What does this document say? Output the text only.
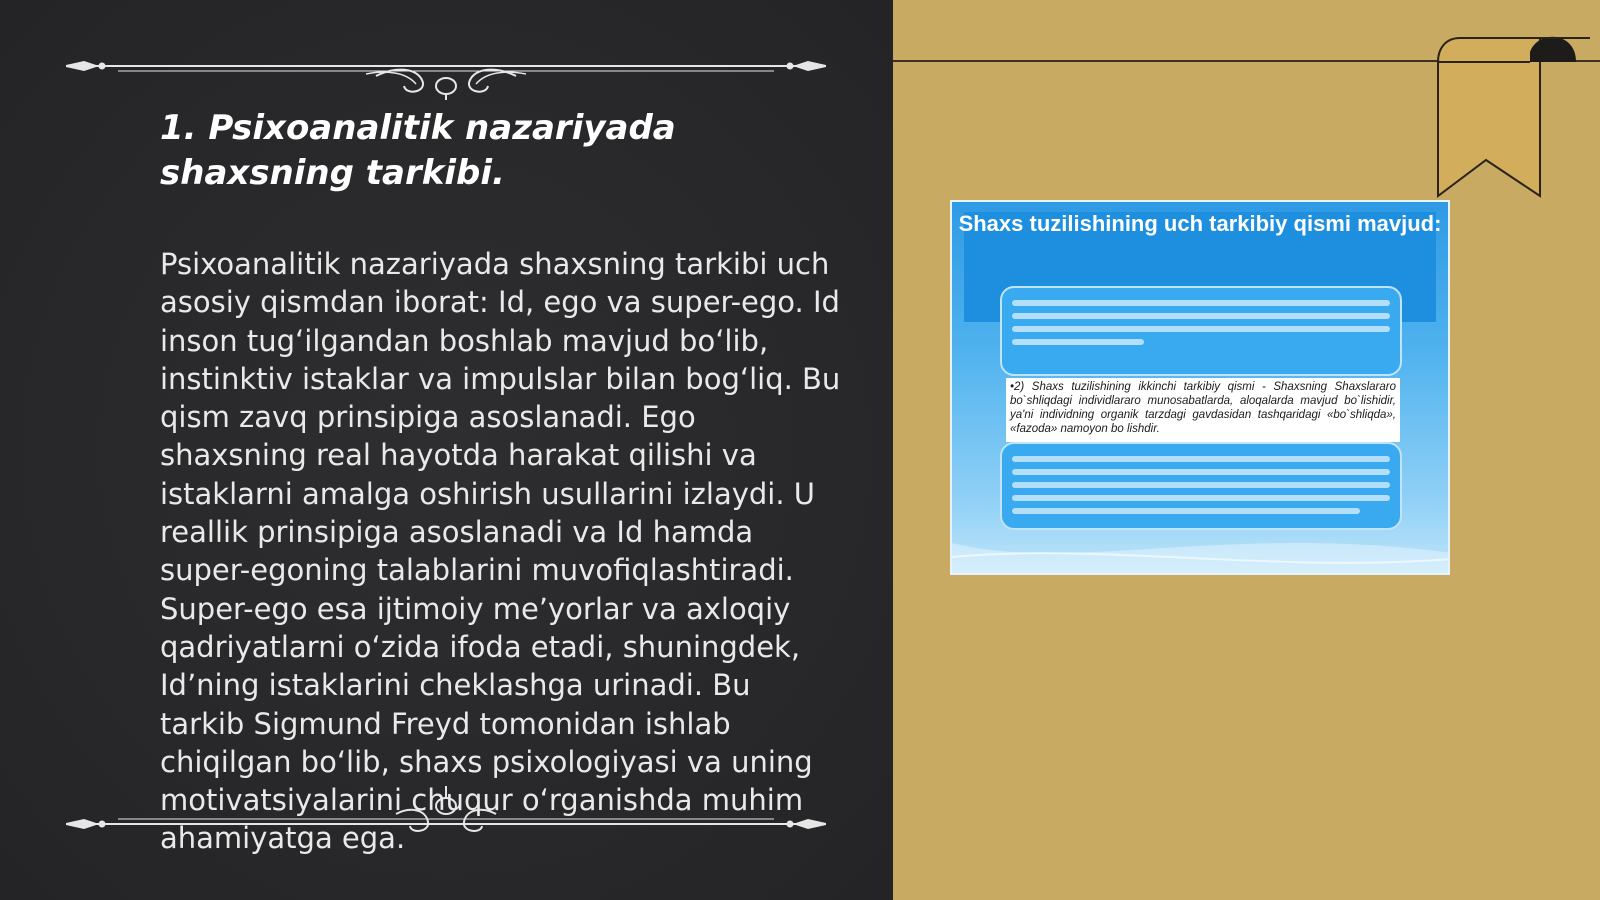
1. Psixoanalitik nazariyada shaxsning tarkibi.

Psixoanalitik nazariyada shaxsning tarkibi uch asosiy qismdan iborat: Id, ego va super-ego. Id inson tug‘ilgandan boshlab mavjud bo‘lib, instinktiv istaklar va impulslar bilan bog‘liq. Bu qism zavq prinsipiga asoslanadi. Ego shaxsning real hayotda harakat qilishi va istaklarni amalga oshirish usullarini izlaydi. U reallik prinsipiga asoslanadi va Id hamda super-egoning talablarini muvofiqlashtiradi. Super-ego esa ijtimoiy me’yorlar va axloqiy qadriyatlarni o‘zida ifoda etadi, shuningdek, Id’ning istaklarini cheklashga urinadi. Bu tarkib Sigmund Freyd tomonidan ishlab chiqilgan bo‘lib, shaxs psixologiyasi va uning motivatsiyalarini chuqur o‘rganishda muhim ahamiyatga ega.

Shaxs tuzilishining uch tarkibiy qismi mavjud:

•2) Shaxs tuzilishining ikkinchi tarkibiy qismi - Shaxsning Shaxslararo bo`shliqdagi individlararo munosabatlarda, aloqalarda mavjud bo`lishidir, ya'ni individning organik tarzdagi gavdasidan tashqaridagi «bo`shliqda», «fazoda» namoyon bo lishdir.
